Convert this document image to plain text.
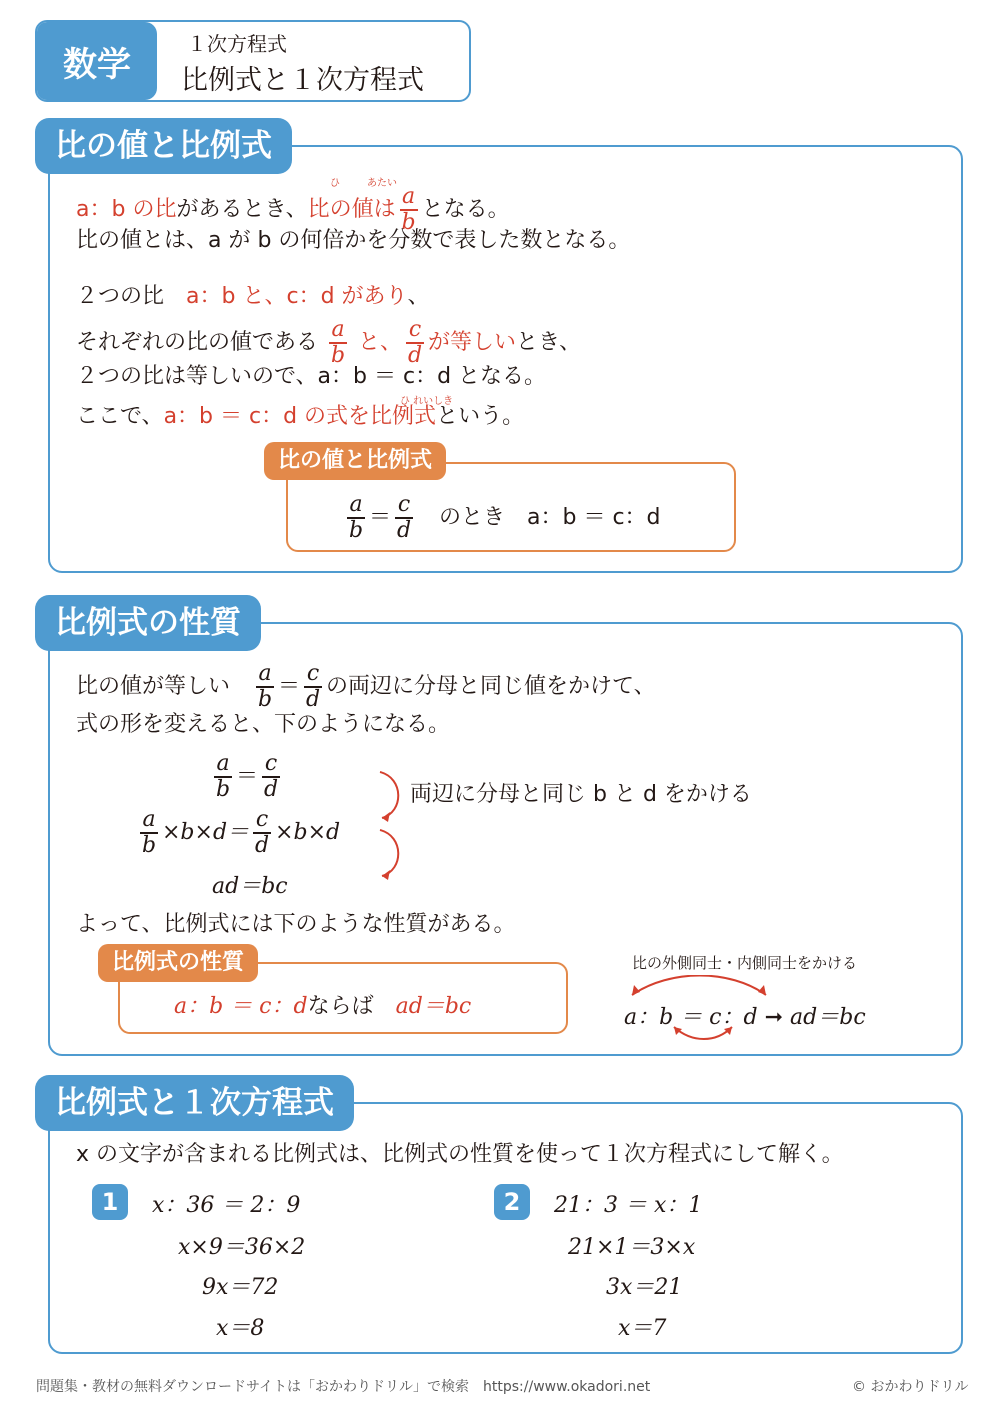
数学
１次方程式
比例式と１次方程式
比の値と比例式
a：b の比があるとき、比の値は $\frac{a}{b}$ となる。
ひ	あたい
比の値とは、a が b の何倍かを分数で表した数となる。
２つの比　 a：b と、c：d があり、
それぞれの比の値である $\frac{a}{b}$ と、 $\frac{c}{d}$ が等しいとき、
２つの比は等しいので、a：b ＝ c：d となる。
ここで、a：b ＝ c：d の式を比例式という。
ひ れいしき
比の値と比例式
$\frac{a}{b} = \frac{c}{d}$
　 のとき　a：b ＝ c：d
比例式の性質
比の値が等しい　 $\frac{a}{b} = \frac{c}{d}$ の両辺に分母と同じ値をかけて、
式の形を変えると、下のようになる。
$\frac{a}{b} = \frac{c}{d}$
$\frac{a}{b} \times b\times d= \frac{c}{d} \times b\times d$
ad＝bc
両辺に分母と同じ b と d をかける
よって、比例式には下のような性質がある。
比例式の性質
a：b ＝ c：dならば　 ad＝bc
比の外側同士・内側同士をかける
a：b ＝ c：d ➞ ad＝bc
比例式と１次方程式
x の文字が含まれる比例式は、比例式の性質を使って１次方程式にして解く。
1	x：36 ＝ 2：9
x×9＝36×2
9x＝72
x＝8
2	21：3 ＝ x：1
21×1＝3×x
3x＝21
x＝7
問題集・教材の無料ダウンロードサイトは「おかわりドリル」で検索　https://www.okadori.net	© おかわりドリル
